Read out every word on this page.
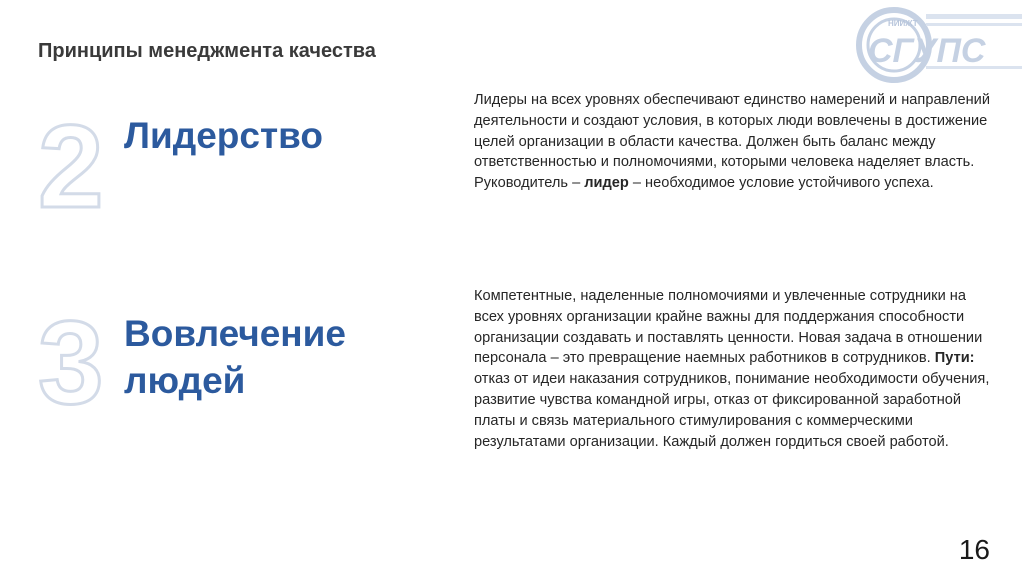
Принципы менеджмента качества
НИИЖТ
СГУПС
2 Лидерство

Лидеры на всех уровнях обеспечивают единство намерений и направлений деятельности и создают условия, в которых люди вовлечены в достижение целей организации в области качества. Должен быть баланс между ответственностью и полномочиями, которыми человека наделяет власть. Руководитель – лидер – необходимое условие устойчивого успеха.

3 Вовлечение людей

Компетентные, наделенные полномочиями и увлеченные сотрудники на всех уровнях организации крайне важны для поддержания способности организации создавать и поставлять ценности. Новая задача в отношении персонала – это превращение наемных работников в сотрудников. Пути: отказ от идеи наказания сотрудников, понимание необходимости обучения, развитие чувства командной игры, отказ от фиксированной заработной платы и связь материального стимулирования с коммерческими результатами организации. Каждый должен гордиться своей работой.

16
